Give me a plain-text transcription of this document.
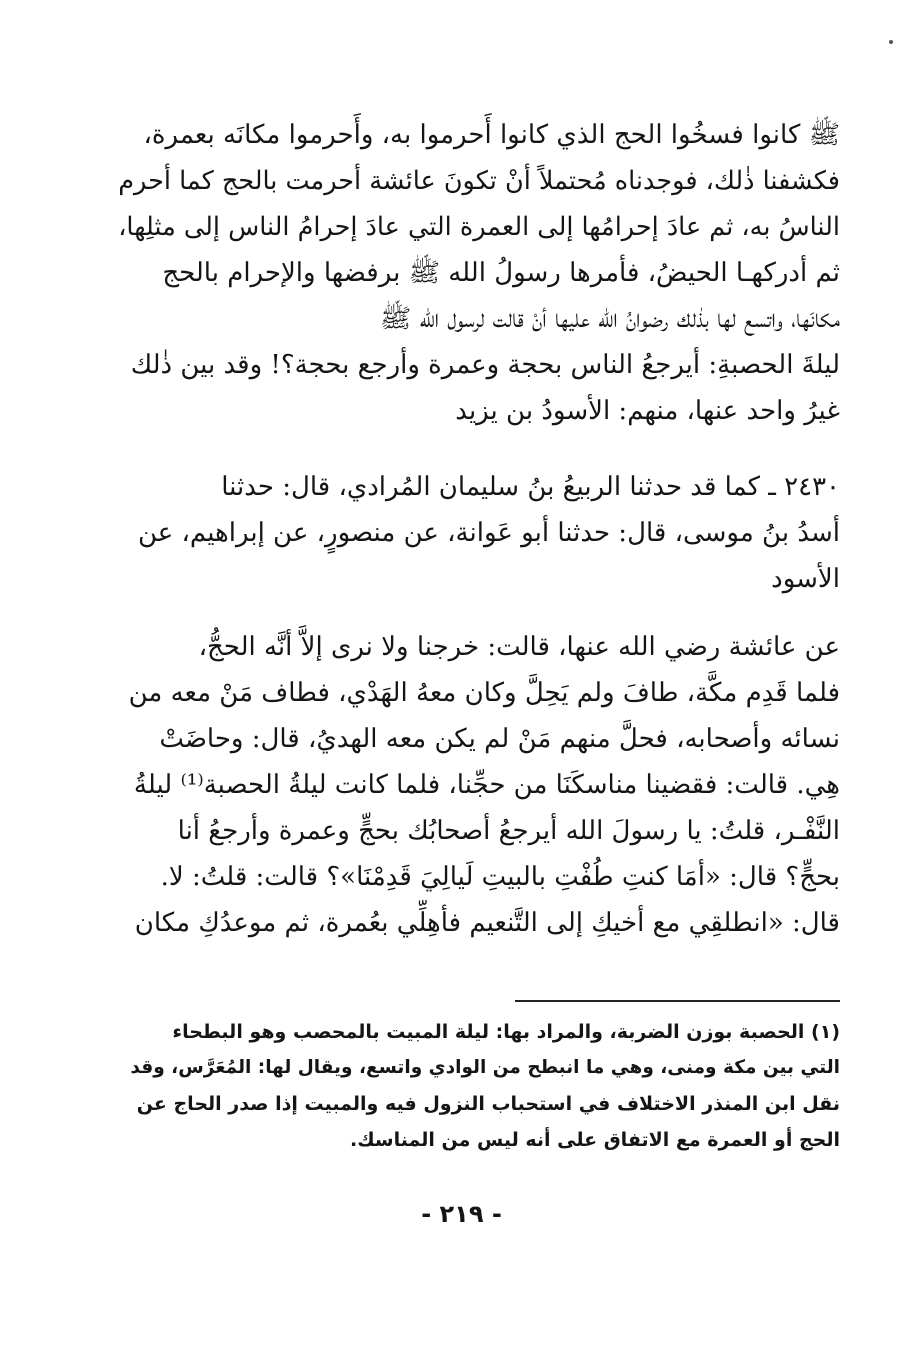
ﷺ كانوا فسخُوا الحج الذي كانوا أَحرموا به، وأَحرموا مكانَه بعمرة،
فكشفنا ذٰلك، فوجدناه مُحتملاً أنْ تكونَ عائشة أحرمت بالحج كما أحرم
الناسُ به، ثم عادَ إحرامُها إلى العمرة التي عادَ إحرامُ الناس إلى مثلِها،
ثم أدركهـا الحيضُ، فأمرها رسولُ الله ﷺ برفضها والإحرام بالحج
مكانَها، واتسع لها بذٰلك رضوانُ الله عليها أنْ قالت لرسول الله ﷺ
ليلةَ الحصبةِ: أيرجعُ الناس بحجة وعمرة وأرجع بحجة؟! وقد بين ذٰلك
غيرُ واحد عنها، منهم: الأسودُ بن يزيد
٢٤٣٠ ـ كما قد حدثنا الربيعُ بنُ سليمان المُرادي، قال: حدثنا
أسدُ بنُ موسى، قال: حدثنا أبو عَوانة، عن منصورٍ، عن إبراهيم، عن
الأسود
عن عائشة رضي الله عنها، قالت: خرجنا ولا نرى إلاَّ أنَّه الحجُّ،
فلما قَدِم مكَّة، طافَ ولم يَحِلَّ وكان معهُ الهَدْي، فطاف مَنْ معه من
نسائه وأصحابه، فحلَّ منهم مَنْ لم يكن معه الهديُ، قال: وحاضَتْ
هِي. قالت: فقضينا مناسكَنَا من حجِّنا، فلما كانت ليلةُ الحصبة⁽¹⁾ ليلةُ
النَّفْـر، قلتُ: يا رسولَ الله أيرجعُ أصحابُك بحجٍّ وعمرة وأرجعُ أنا
بحجٍّ؟ قال: «أمَا كنتِ طُفْتِ بالبيتِ لَيالِيَ قَدِمْنَا»؟ قالت: قلتُ: لا.
قال: «انطلقِي مع أخيكِ إلى التَّنعيم فأهِلِّي بعُمرة، ثم موعدُكِ مكان
(١) الحصبة بوزن الضربة، والمراد بها: ليلة المبيت بالمحصب وهو البطحاء
التي بين مكة ومنى، وهي ما انبطح من الوادي واتسع، ويقال لها: المُعَرَّس، وقد
نقل ابن المنذر الاختلاف في استحباب النزول فيه والمبيت إذا صدر الحاج عن
الحج أو العمرة مع الاتفاق على أنه ليس من المناسك.
- ٢١٩ -
